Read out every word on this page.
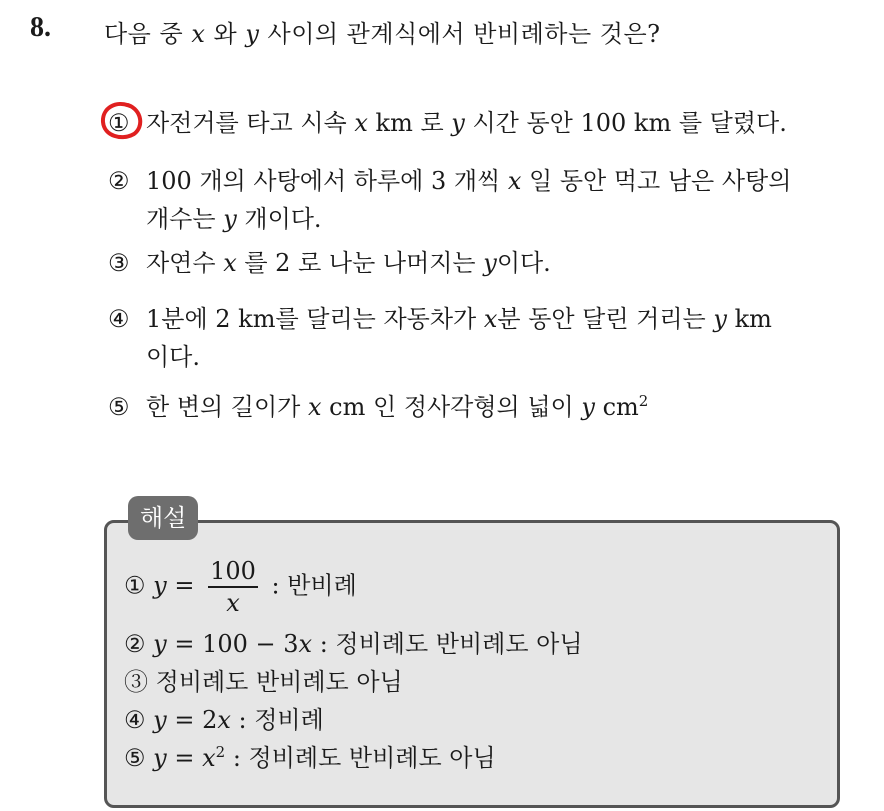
8. 다음 중 x 와 y 사이의 관계식에서 반비례하는 것은?
① 자전거를 타고 시속 x km 로 y 시간 동안 100 km 를 달렸다.
② 100 개의 사탕에서 하루에 3 개씩 x 일 동안 먹고 남은 사탕의
개수는 y 개이다.
③ 자연수 x 를 2 로 나눈 나머지는 y이다.
④ 1분에 2 km를 달리는 자동차가 x분 동안 달린 거리는 y km
이다.
⑤ 한 변의 길이가 x cm 인 정사각형의 넓이 y $cm^2$
해설
① $y = \frac{100}{x}$ : 반비례
② y = 100 − 3x : 정비례도 반비례도 아님
③ 정비례도 반비례도 아님
④ y = 2x : 정비례
⑤ $y = x^2$ : 정비례도 반비례도 아님
